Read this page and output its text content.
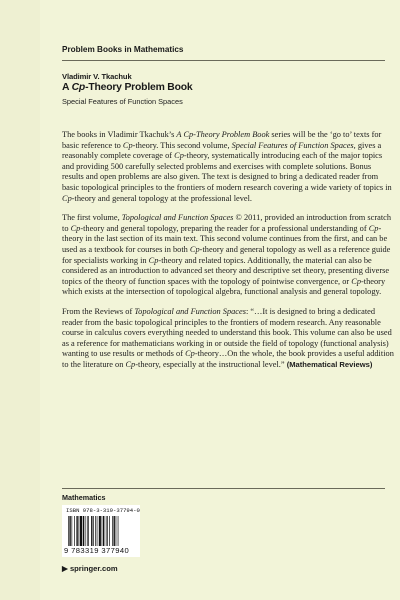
Problem Books in Mathematics
Vladimir V. Tkachuk
A Cp-Theory Problem Book
Special Features of Function Spaces

The books in Vladimir Tkachuk’s A Cp-Theory Problem Book series will be the ‘go to’ texts for basic reference to Cp-theory. This second volume, Special Features of Function Spaces, gives a reasonably complete coverage of Cp-theory, systematically introducing each of the major topics and providing 500 carefully selected problems and exercises with complete solutions. Bonus results and open problems are also given. The text is designed to bring a dedicated reader from basic topological principles to the frontiers of modern research covering a wide variety of topics in Cp-theory and general topology at the professional level.

The first volume, Topological and Function Spaces © 2011, provided an introduction from scratch to Cp-theory and general topology, preparing the reader for a professional understanding of Cp-theory in the last section of its main text. This second volume continues from the first, and can be used as a textbook for courses in both Cp-theory and general topology as well as a reference guide for specialists working in Cp-theory and related topics. Additionally, the material can also be considered as an introduction to advanced set theory and descriptive set theory, presenting diverse topics of the theory of function spaces with the topology of pointwise convergence, or Cp-theory which exists at the intersection of topological algebra, functional analysis and general topology.

From the Reviews of Topological and Function Spaces: “…It is designed to bring a dedicated reader from the basic topological principles to the frontiers of modern research. Any reasonable course in calculus covers everything needed to understand this book. This volume can also be used as a reference for mathematicians working in or outside the field of topology (functional analysis) wanting to use results or methods of Cp-theory…On the whole, the book provides a useful addition to the literature on Cp-theory, especially at the instructional level.” (Mathematical Reviews)

Mathematics
ISBN 978-3-319-37794-0
9 783319 377940
▶ springer.com
